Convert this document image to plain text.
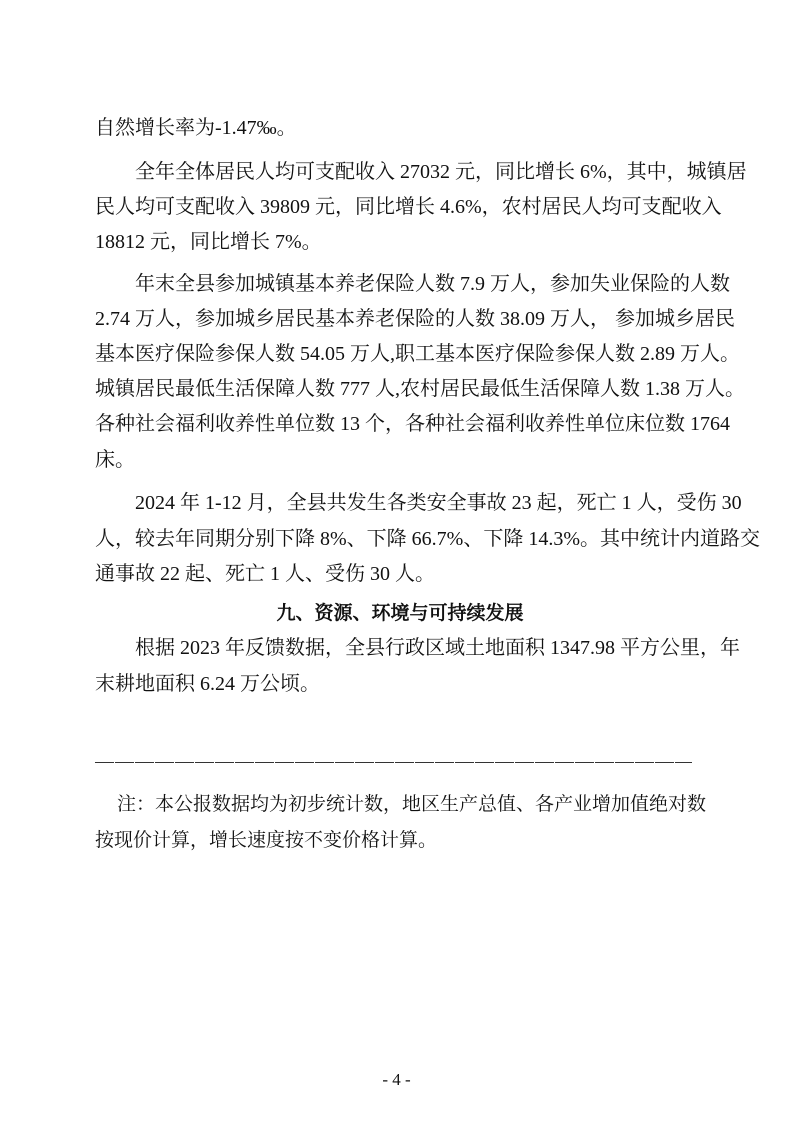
自然增长率为-1.47‰。
全年全体居民人均可支配收入 27032 元，同比增长 6%，其中，城镇居
民人均可支配收入 39809 元，同比增长 4.6%，农村居民人均可支配收入
18812 元，同比增长 7%。
年末全县参加城镇基本养老保险人数 7.9 万人，参加失业保险的人数
2.74 万人，参加城乡居民基本养老保险的人数 38.09 万人， 参加城乡居民
基本医疗保险参保人数 54.05 万人,职工基本医疗保险参保人数 2.89 万人。
城镇居民最低生活保障人数 777 人,农村居民最低生活保障人数 1.38 万人。
各种社会福利收养性单位数 13 个，各种社会福利收养性单位床位数 1764
床。
2024 年 1-12 月，全县共发生各类安全事故 23 起，死亡 1 人，受伤 30
人，较去年同期分别下降 8%、下降 66.7%、下降 14.3%。其中统计内道路交
通事故 22 起、死亡 1 人、受伤 30 人。
九、资源、环境与可持续发展
根据 2023 年反馈数据，全县行政区域土地面积 1347.98 平方公里，年
末耕地面积 6.24 万公顷。
注：本公报数据均为初步统计数，地区生产总值、各产业增加值绝对数
按现价计算，增长速度按不变价格计算。
- 4 -
